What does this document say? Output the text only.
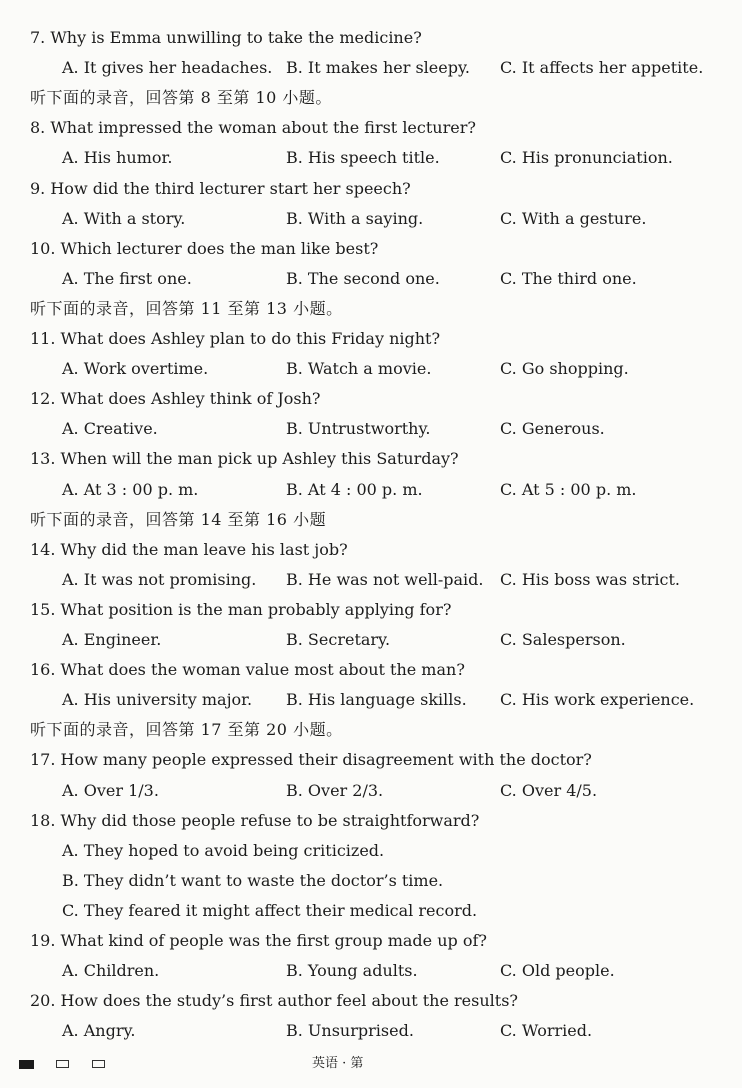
英语 · 第
7. Why is Emma unwilling to take the medicine?
A. It gives her headaches. B. It makes her sleepy. C. It affects her appetite.
听下面的录音，回答第 8 至第 10 小题。
8. What impressed the woman about the first lecturer?
A. His humor.	B. His speech title.	C. His pronunciation.
9. How did the third lecturer start her speech?
A. With a story.	B. With a saying.	C. With a gesture.
10. Which lecturer does the man like best?
A. The first one.	B. The second one.	C. The third one.
听下面的录音，回答第 11 至第 13 小题。
11. What does Ashley plan to do this Friday night?
A. Work overtime.	B. Watch a movie.	C. Go shopping.
12. What does Ashley think of Josh?
A. Creative.	B. Untrustworthy.	C. Generous.
13. When will the man pick up Ashley this Saturday?
A. At 3 : 00 p. m.	B. At 4 : 00 p. m.	C. At 5 : 00 p. m.
听下面的录音，回答第 14 至第 16 小题
14. Why did the man leave his last job?
A. It was not promising. B. He was not well-paid. C. His boss was strict.
15. What position is the man probably applying for?
A. Engineer.	B. Secretary.	C. Salesperson.
16. What does the woman value most about the man?
A. His university major. B. His language skills. C. His work experience.
听下面的录音，回答第 17 至第 20 小题。
17. How many people expressed their disagreement with the doctor?
A. Over 1/3.	B. Over 2/3.	C. Over 4/5.
18. Why did those people refuse to be straightforward?
A. They hoped to avoid being criticized.
B. They didn’t want to waste the doctor’s time.
C. They feared it might affect their medical record.
19. What kind of people was the first group made up of?
A. Children.	B. Young adults.	C. Old people.
20. How does the study’s first author feel about the results?
A. Angry.	B. Unsurprised.	C. Worried.
